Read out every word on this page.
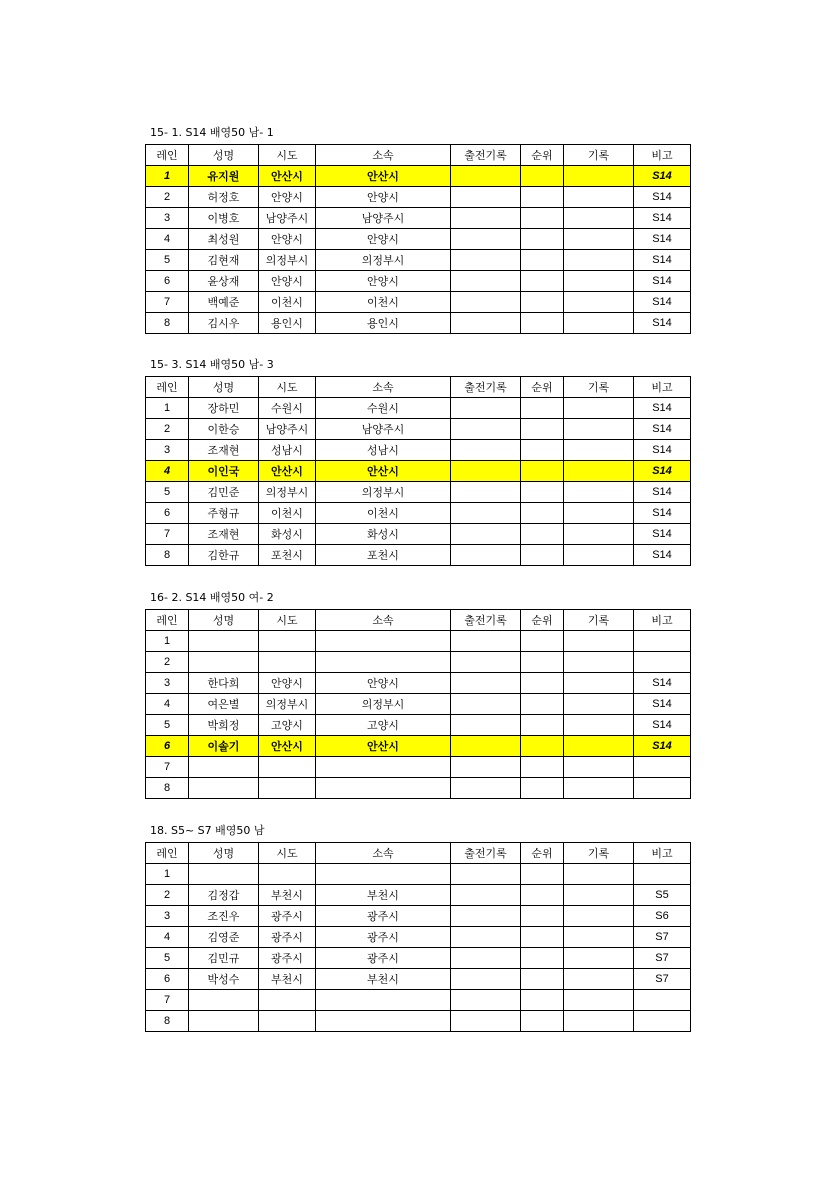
15- 1. S14 배영50 남- 1
레인	성명	시도	소속	출전기록	순위	기록	비고
1	유지원	안산시	안산시				S14
2	허정호	안양시	안양시				S14
3	이병호	남양주시	남양주시				S14
4	최성원	안양시	안양시				S14
5	김현재	의정부시	의정부시				S14
6	윤상재	안양시	안양시				S14
7	백예준	이천시	이천시				S14
8	김시우	용인시	용인시				S14
15- 3. S14 배영50 남- 3
레인	성명	시도	소속	출전기록	순위	기록	비고
1	장하민	수원시	수원시				S14
2	이한승	남양주시	남양주시				S14
3	조재현	성남시	성남시				S14
4	이인국	안산시	안산시				S14
5	김민준	의정부시	의정부시				S14
6	주형규	이천시	이천시				S14
7	조재현	화성시	화성시				S14
8	김한규	포천시	포천시				S14
16- 2. S14 배영50 여- 2
레인	성명	시도	소속	출전기록	순위	기록	비고
1							
2							
3	한다희	안양시	안양시				S14
4	여은별	의정부시	의정부시				S14
5	박희정	고양시	고양시				S14
6	이솔기	안산시	안산시				S14
7							
8							
18. S5~ S7 배영50 남
레인	성명	시도	소속	출전기록	순위	기록	비고
1							
2	김정갑	부천시	부천시				S5
3	조진우	광주시	광주시				S6
4	김영준	광주시	광주시				S7
5	김민규	광주시	광주시				S7
6	박성수	부천시	부천시				S7
7							
8							
